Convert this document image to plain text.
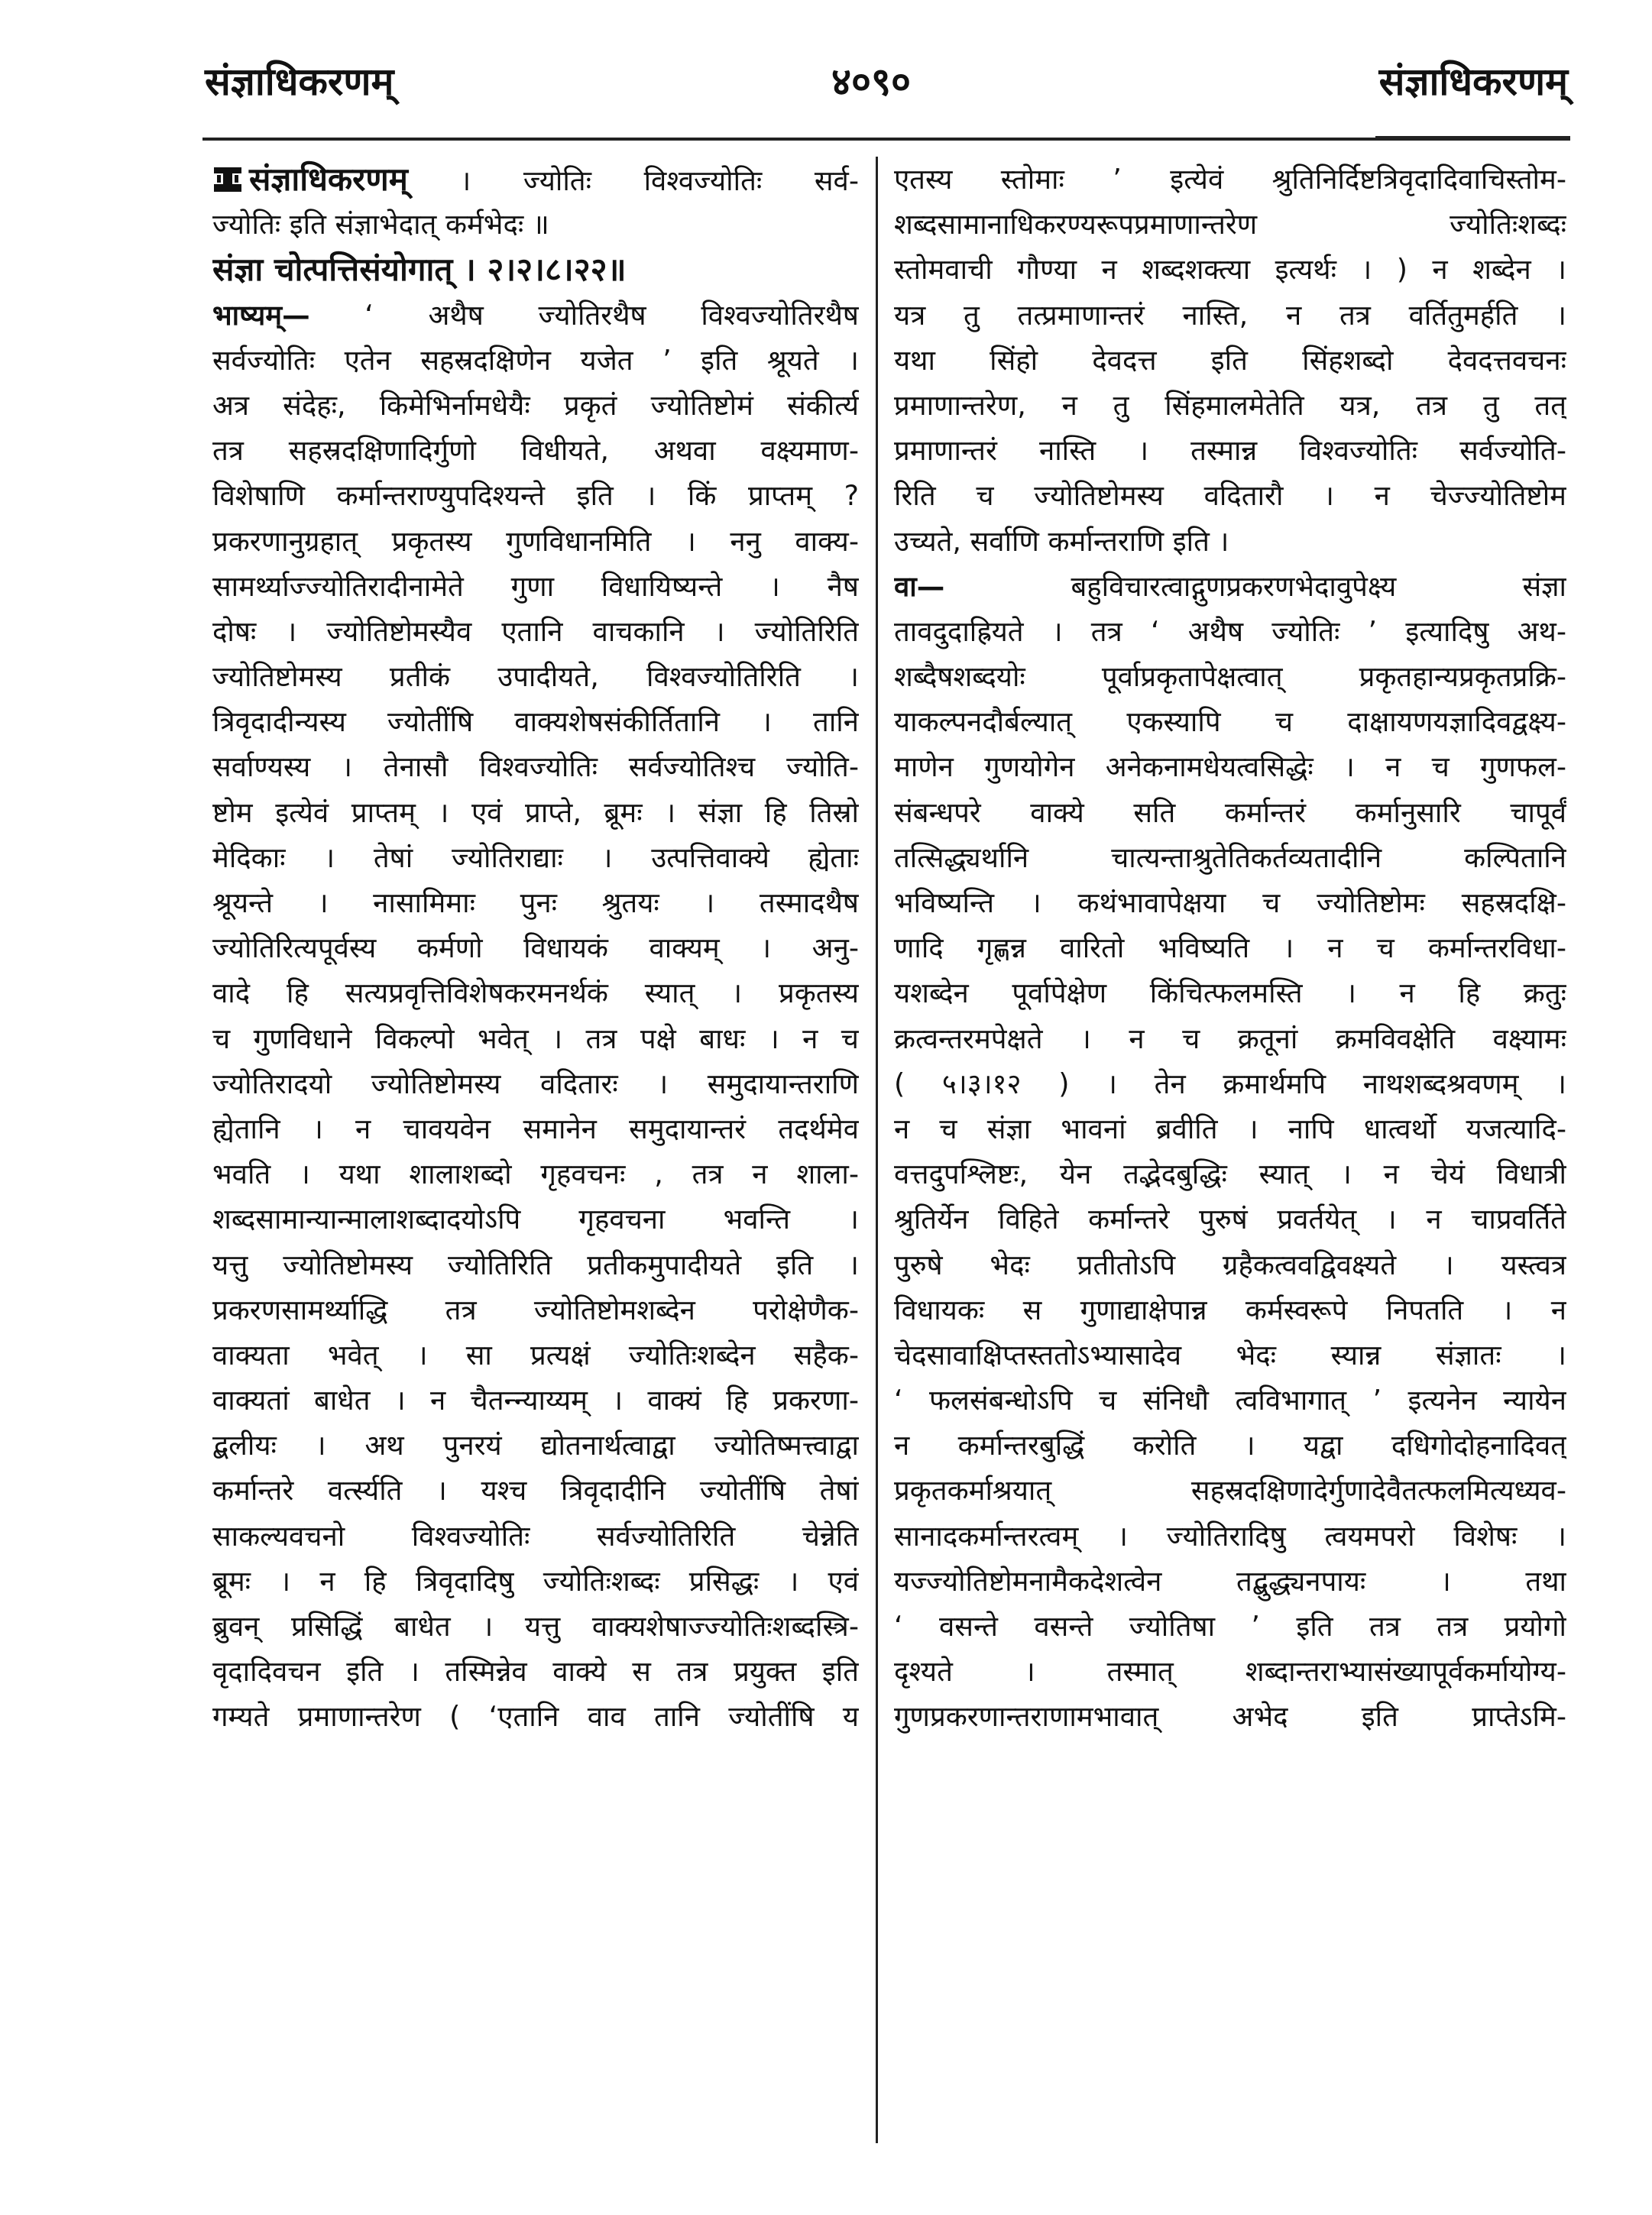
संज्ञाधिकरणम्	४०९०	संज्ञाधिकरणम्
संज्ञाधिकरणम् । ज्योतिः विश्वज्योतिः सर्व-
ज्योतिः इति संज्ञाभेदात् कर्मभेदः ॥
संज्ञा चोत्पत्तिसंयोगात् । २।२।८।२२॥
भाष्यम्— ‘ अथैष ज्योतिरथैष विश्वज्योतिरथैष
सर्वज्योतिः एतेन सहस्रदक्षिणेन यजेत ’ इति श्रूयते ।
अत्र संदेहः, किमेभिर्नामधेयैः प्रकृतं ज्योतिष्टोमं संकीर्त्य
तत्र सहस्रदक्षिणादिर्गुणो विधीयते, अथवा वक्ष्यमाण-
विशेषाणि कर्मान्तराण्युपदिश्यन्ते इति । किं प्राप्तम् ?
प्रकरणानुग्रहात् प्रकृतस्य गुणविधानमिति । ननु वाक्य-
सामर्थ्याज्ज्योतिरादीनामेते गुणा विधायिष्यन्ते । नैष
दोषः । ज्योतिष्टोमस्यैव एतानि वाचकानि । ज्योतिरिति
ज्योतिष्टोमस्य प्रतीकं उपादीयते, विश्वज्योतिरिति ।
त्रिवृदादीन्यस्य ज्योतींषि वाक्यशेषसंकीर्तितानि । तानि
सर्वाण्यस्य । तेनासौ विश्वज्योतिः सर्वज्योतिश्च ज्योति-
ष्टोम इत्येवं प्राप्तम् । एवं प्राप्ते, ब्रूमः । संज्ञा हि तिस्रो
मेदिकाः । तेषां ज्योतिराद्याः । उत्पत्तिवाक्ये ह्येताः
श्रूयन्ते । नासामिमाः पुनः श्रुतयः । तस्मादथैष
ज्योतिरित्यपूर्वस्य कर्मणो विधायकं वाक्यम् । अनु-
वादे हि सत्यप्रवृत्तिविशेषकरमनर्थकं स्यात् । प्रकृतस्य
च गुणविधाने विकल्पो भवेत् । तत्र पक्षे बाधः । न च
ज्योतिरादयो ज्योतिष्टोमस्य वदितारः । समुदायान्तराणि
ह्येतानि । न चावयवेन समानेन समुदायान्तरं तदर्थमेव
भवति । यथा शालाशब्दो गृहवचनः , तत्र न शाला-
शब्दसामान्यान्मालाशब्दादयोऽपि गृहवचना भवन्ति ।
यत्तु ज्योतिष्टोमस्य ज्योतिरिति प्रतीकमुपादीयते इति ।
प्रकरणसामर्थ्याद्धि तत्र ज्योतिष्टोमशब्देन परोक्षेणैक-
वाक्यता भवेत् । सा प्रत्यक्षं ज्योतिःशब्देन सहैक-
वाक्यतां बाधेत । न चैतन्न्याय्यम् । वाक्यं हि प्रकरणा-
द्बलीयः । अथ पुनरयं द्योतनार्थत्वाद्वा ज्योतिष्मत्त्वाद्वा
कर्मान्तरे वर्त्स्यति । यश्च त्रिवृदादीनि ज्योतींषि तेषां
साकल्यवचनो विश्वज्योतिः सर्वज्योतिरिति चेन्नेति
ब्रूमः । न हि त्रिवृदादिषु ज्योतिःशब्दः प्रसिद्धः । एवं
ब्रुवन् प्रसिद्धिं बाधेत । यत्तु वाक्यशेषाज्ज्योतिःशब्दस्त्रि-
वृदादिवचन इति । तस्मिन्नेव वाक्ये स तत्र प्रयुक्त इति
गम्यते प्रमाणान्तरेण ( ‘एतानि वाव तानि ज्योतींषि य
एतस्य स्तोमाः ’ इत्येवं श्रुतिनिर्दिष्टत्रिवृदादिवाचिस्तोम-
शब्दसामानाधिकरण्यरूपप्रमाणान्तरेण ज्योतिःशब्दः
स्तोमवाची गौण्या न शब्दशक्त्या इत्यर्थः । ) न शब्देन ।
यत्र तु तत्प्रमाणान्तरं नास्ति, न तत्र वर्तितुमर्हति ।
यथा सिंहो देवदत्त इति सिंहशब्दो देवदत्तवचनः
प्रमाणान्तरेण, न तु सिंहमालमेतेति यत्र, तत्र तु तत्
प्रमाणान्तरं नास्ति । तस्मान्न विश्वज्योतिः सर्वज्योति-
रिति च ज्योतिष्टोमस्य वदितारौ । न चेज्ज्योतिष्टोम
उच्यते, सर्वाणि कर्मान्तराणि इति ।
वा—	बहुविचारत्वाद्गुणप्रकरणभेदावुपेक्ष्य संज्ञा
तावदुदाह्रियते । तत्र ‘ अथैष ज्योतिः ’ इत्यादिषु अथ-
शब्दैषशब्दयोः पूर्वाप्रकृतापेक्षत्वात् प्रकृतहान्यप्रकृतप्रक्रि-
याकल्पनदौर्बल्यात् एकस्यापि च दाक्षायणयज्ञादिवद्वक्ष्य-
माणेन गुणयोगेन अनेकनामधेयत्वसिद्धेः । न च गुणफल-
संबन्धपरे वाक्ये सति कर्मान्तरं कर्मानुसारि चापूर्वं
तत्सिद्ध्यर्थानि चात्यन्ताश्रुतेतिकर्तव्यतादीनि कल्पितानि
भविष्यन्ति । कथंभावापेक्षया च ज्योतिष्टोमः सहस्रदक्षि-
णादि गृह्णन्न वारितो भविष्यति । न च कर्मान्तरविधा-
यशब्देन पूर्वापेक्षेण किंचित्फलमस्ति । न हि क्रतुः
क्रत्वन्तरमपेक्षते । न च क्रतूनां क्रमविवक्षेति वक्ष्यामः
( ५।३।१२ ) । तेन क्रमार्थमपि नाथशब्दश्रवणम् ।
न च संज्ञा भावनां ब्रवीति । नापि धात्वर्थो यजत्यादि-
वत्तदुपश्लिष्टः, येन तद्भेदबुद्धिः स्यात् । न चेयं विधात्री
श्रुतिर्येन विहिते कर्मान्तरे पुरुषं प्रवर्तयेत् । न चाप्रवर्तिते
पुरुषे भेदः प्रतीतोऽपि ग्रहैकत्ववद्विवक्ष्यते । यस्त्वत्र
विधायकः स गुणाद्याक्षेपान्न कर्मस्वरूपे निपतति । न
चेदसावाक्षिप्तस्ततोऽभ्यासादेव भेदः स्यान्न संज्ञातः ।
‘ फलसंबन्धोऽपि च संनिधौ त्वविभागात् ’ इत्यनेन न्यायेन
न कर्मान्तरबुद्धिं करोति । यद्वा दधिगोदोहनादिवत्
प्रकृतकर्माश्रयात् सहस्रदक्षिणादेर्गुणादेवैतत्फलमित्यध्यव-
सानादकर्मान्तरत्वम् । ज्योतिरादिषु त्वयमपरो विशेषः ।
यज्ज्योतिष्टोमनामैकदेशत्वेन तद्बुद्ध्यनपायः । तथा
‘ वसन्ते वसन्ते ज्योतिषा ’ इति तत्र तत्र प्रयोगो
दृश्यते । तस्मात् शब्दान्तराभ्यासंख्यापूर्वकर्मायोग्य-
गुणप्रकरणान्तराणामभावात् अभेद इति प्राप्तेऽमि-
